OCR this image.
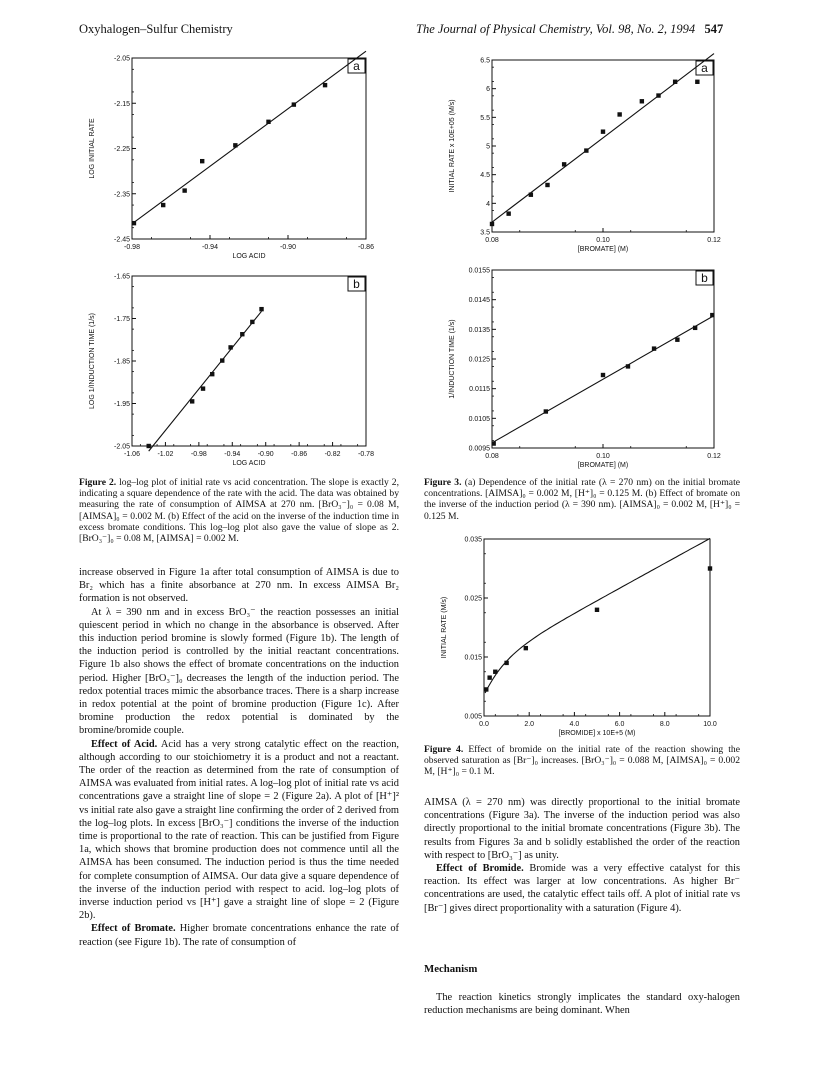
Oxyhalogen–Sulfur Chemistry	The Journal of Physical Chemistry, Vol. 98, No. 2, 1994 547
-0.98	-0.94	-0.90	-0.86
-2.05
-2.15
-2.25
-2.35
-2.45
LOG ACID
LOG INITIAL RATE
a
-1.06 -1.02 -0.98 -0.94 -0.90 -0.86 -0.82 -0.78
-1.65
-1.75
-1.85
-1.95
-2.05
LOG ACID
LOG 1/INDUCTION TIME (1/s)
b
0.08	0.10	0.12
6.5
6
5.5
5
4.5
4
3.5
[BROMATE] (M)
INITIAL RATE x 10E+05 (M/s)
a
0.08	0.10	0.12
0.0155
0.0145
0.0135
0.0125
0.0115
0.0105
0.0095
[BROMATE] (M)
1/INDUCTION TIME (1/s)
b
0.0	2.0	4.0	6.0	8.0	10.0
0.035
0.025
0.015
0.005
[BROMIDE] x 10E+5 (M)
INITIAL RATE (M/s)
Figure 2. log–log plot of initial rate vs acid concentration. The slope is exactly 2, indicating a square dependence of the rate with the acid. The data was obtained by measuring the rate of consumption of AIMSA at 270 nm. [BrO₃⁻]₀ = 0.08 M, [AIMSA]₀ = 0.002 M. (b) Effect of the acid on the inverse of the induction time in excess bromate conditions. This log–log plot also gave the value of slope as 2. [BrO₃⁻]₀ = 0.08 M, [AIMSA] = 0.002 M.
Figure 3. (a) Dependence of the initial rate (λ = 270 nm) on the initial bromate concentrations. [AIMSA]₀ = 0.002 M, [H⁺]₀ = 0.125 M. (b) Effect of bromate on the inverse of the induction period (λ = 390 nm). [AIMSA]₀ = 0.002 M, [H⁺]₀ = 0.125 M.
Figure 4. Effect of bromide on the initial rate of the reaction showing the observed saturation as [Br⁻]₀ increases. [BrO₃⁻]₀ = 0.088 M, [AIMSA]₀ = 0.002 M, [H⁺]₀ = 0.1 M.

increase observed in Figure 1a after total consumption of AIMSA is due to Br₂ which has a finite absorbance at 270 nm. In excess AIMSA Br₂ formation is not observed.

At λ = 390 nm and in excess BrO₃⁻ the reaction possesses an initial quiescent period in which no change in the absorbance is observed. After this induction period bromine is slowly formed (Figure 1b). The length of the induction period is controlled by the initial reactant concentrations. Figure 1b also shows the effect of bromate concentrations on the induction period. Higher [BrO₃⁻]₀ decreases the length of the induction period. The redox potential traces mimic the absorbance traces. There is a sharp increase in redox potential at the point of bromine production (Figure 1c). After bromine production the redox potential is dominated by the bromine/bromide couple.

Effect of Acid. Acid has a very strong catalytic effect on the reaction, although according to our stoichiometry it is a product and not a reactant. The order of the reaction as determined from the rate of consumption of AIMSA was evaluated from initial rates. A log–log plot of initial rate vs acid concentrations gave a straight line of slope = 2 (Figure 2a). A plot of [H⁺]² vs initial rate also gave a straight line confirming the order of 2 derived from the log–log plots. In excess [BrO₃⁻] conditions the inverse of the induction time is proportional to the rate of reaction. This can be justified from Figure 1a, which shows that bromine production does not commence until all the AIMSA has been consumed. The induction period is thus the time needed for complete consumption of AIMSA. Our data give a square dependence of the inverse of the induction period with respect to acid. log–log plots of inverse induction period vs [H⁺] gave a straight line of slope = 2 (Figure 2b).

Effect of Bromate. Higher bromate concentrations enhance the rate of reaction (see Figure 1b). The rate of consumption of

AIMSA (λ = 270 nm) was directly proportional to the initial bromate concentrations (Figure 3a). The inverse of the induction period was also directly proportional to the initial bromate concentrations (Figure 3b). The results from Figures 3a and b solidly established the order of the reaction with respect to [BrO₃⁻] as unity.

Effect of Bromide. Bromide was a very effective catalyst for this reaction. Its effect was larger at low concentrations. As higher Br⁻ concentrations are used, the catalytic effect tails off. A plot of initial rate vs [Br⁻] gives direct proportionality with a saturation (Figure 4).

Mechanism

The reaction kinetics strongly implicates the standard oxy-halogen reduction mechanisms are being dominant. When
